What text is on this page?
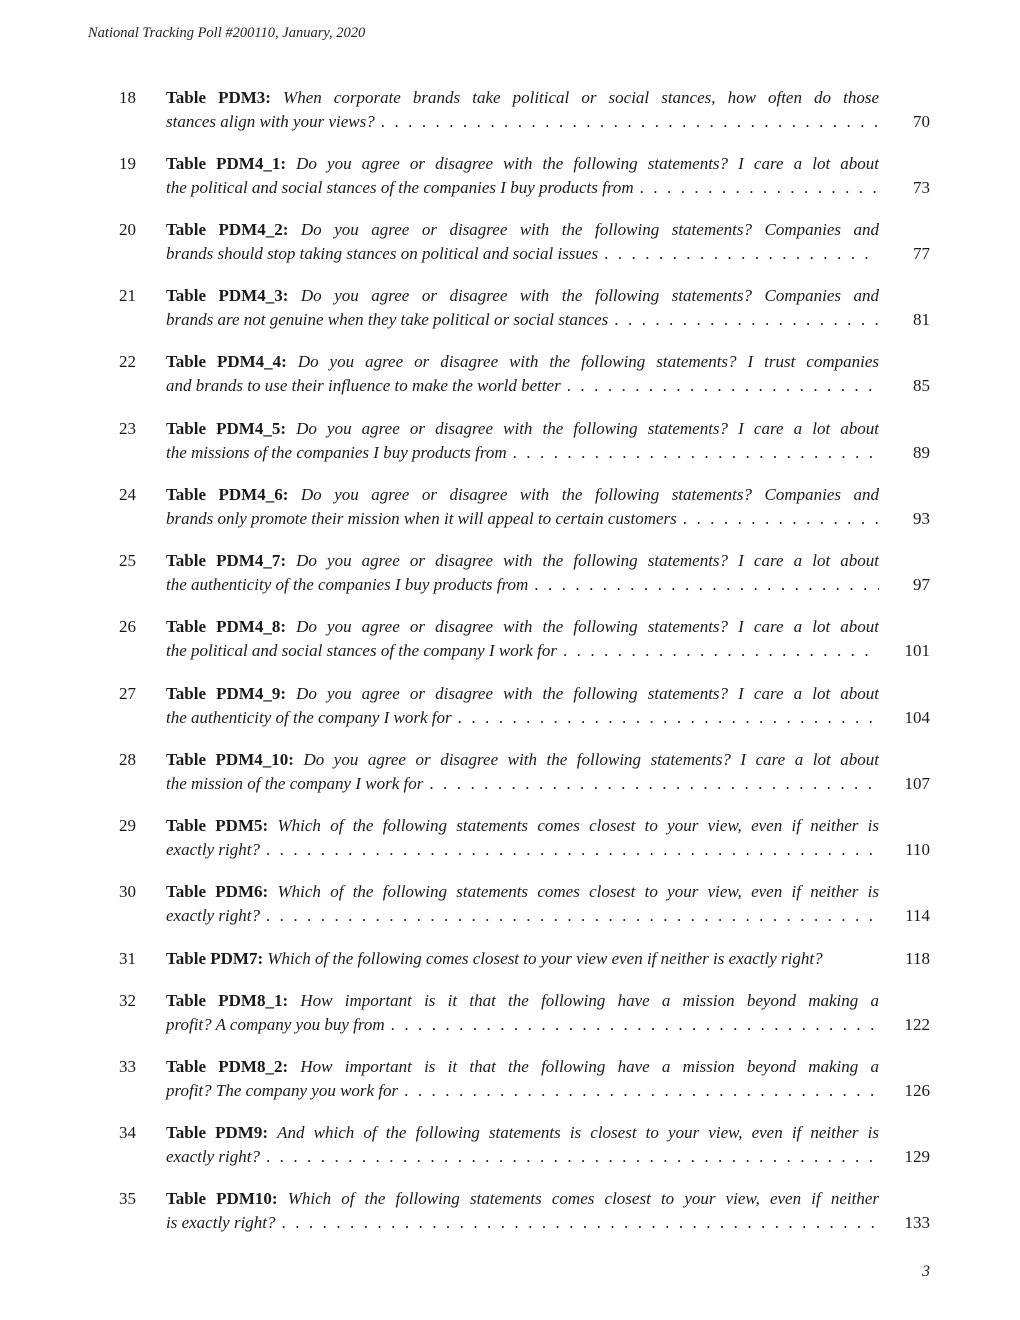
National Tracking Poll #200110, January, 2020
18 Table PDM3: When corporate brands take political or social stances, how often do those
stances align with your views? . . .	70
19 Table PDM4_1: Do you agree or disagree with the following statements? I care a lot about
the political and social stances of the companies I buy products from . . .	73
20 Table PDM4_2: Do you agree or disagree with the following statements? Companies and
brands should stop taking stances on political and social issues . . .	77
21 Table PDM4_3: Do you agree or disagree with the following statements? Companies and
brands are not genuine when they take political or social stances . . .	81
22 Table PDM4_4: Do you agree or disagree with the following statements? I trust companies
and brands to use their influence to make the world better . . .	85
23 Table PDM4_5: Do you agree or disagree with the following statements? I care a lot about
the missions of the companies I buy products from . . .	89
24 Table PDM4_6: Do you agree or disagree with the following statements? Companies and
brands only promote their mission when it will appeal to certain customers . . .	93
25 Table PDM4_7: Do you agree or disagree with the following statements? I care a lot about
the authenticity of the companies I buy products from . . .	97
26 Table PDM4_8: Do you agree or disagree with the following statements? I care a lot about
the political and social stances of the company I work for . . .	101
27 Table PDM4_9: Do you agree or disagree with the following statements? I care a lot about
the authenticity of the company I work for . . .	104
28 Table PDM4_10: Do you agree or disagree with the following statements? I care a lot about
the mission of the company I work for . . .	107
29 Table PDM5: Which of the following statements comes closest to your view, even if neither is
exactly right? . . .	110
30 Table PDM6: Which of the following statements comes closest to your view, even if neither is
exactly right? . . .	114
31 Table PDM7: Which of the following comes closest to your view even if neither is exactly right?	118
32 Table PDM8_1: How important is it that the following have a mission beyond making a
profit? A company you buy from . . .	122
33 Table PDM8_2: How important is it that the following have a mission beyond making a
profit? The company you work for . . .	126
34 Table PDM9: And which of the following statements is closest to your view, even if neither is
exactly right? . . .	129
35 Table PDM10: Which of the following statements comes closest to your view, even if neither
is exactly right? . . .	133
3
